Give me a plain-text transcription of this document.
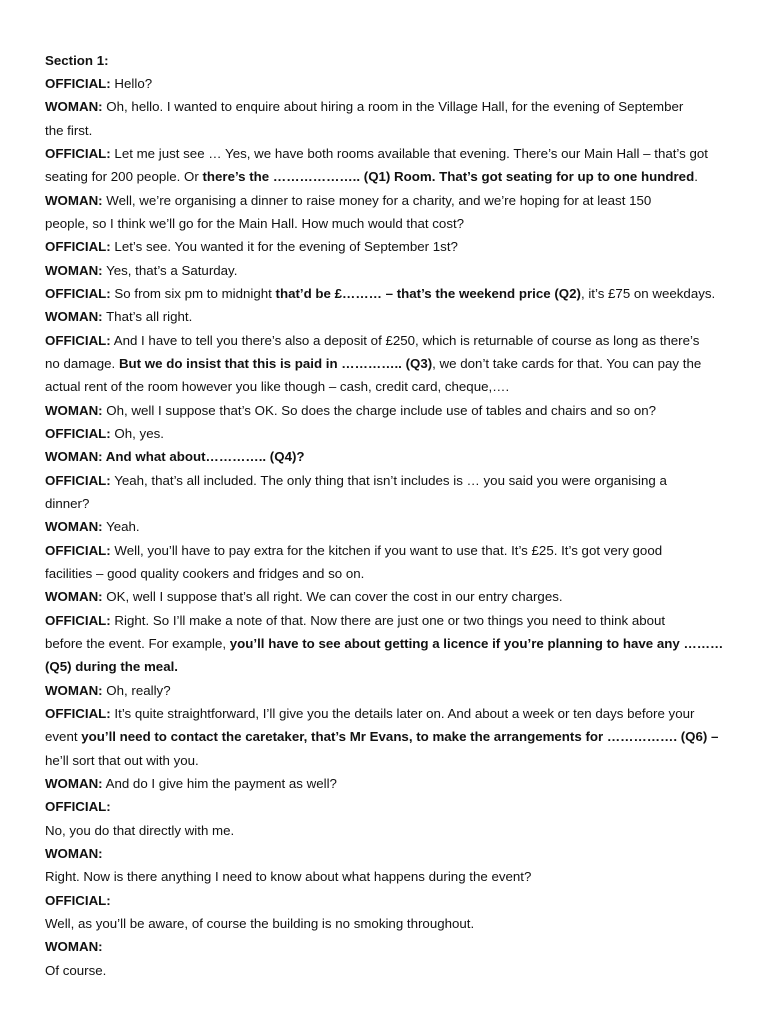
Section 1:
OFFICIAL: Hello?
WOMAN: Oh, hello. I wanted to enquire about hiring a room in the Village Hall, for the evening of September
the first.
OFFICIAL: Let me just see … Yes, we have both rooms available that evening. There’s our Main Hall – that’s got
seating for 200 people. Or there’s the ……………….. (Q1) Room. That’s got seating for up to one hundred.
WOMAN: Well, we’re organising a dinner to raise money for a charity, and we’re hoping for at least 150
people, so I think we’ll go for the Main Hall. How much would that cost?
OFFICIAL: Let’s see. You wanted it for the evening of September 1st?
WOMAN: Yes, that’s a Saturday.
OFFICIAL: So from six pm to midnight that’d be £……… – that’s the weekend price (Q2), it’s £75 on weekdays.
WOMAN: That’s all right.
OFFICIAL: And I have to tell you there’s also a deposit of £250, which is returnable of course as long as there’s
no damage. But we do insist that this is paid in ………….. (Q3), we don’t take cards for that. You can pay the
actual rent of the room however you like though – cash, credit card, cheque,….
WOMAN: Oh, well I suppose that’s OK. So does the charge include use of tables and chairs and so on?
OFFICIAL: Oh, yes.
WOMAN: And what about………….. (Q4)?
OFFICIAL: Yeah, that’s all included. The only thing that isn’t includes is … you said you were organising a
dinner?
WOMAN: Yeah.
OFFICIAL: Well, you’ll have to pay extra for the kitchen if you want to use that. It’s £25. It’s got very good
facilities – good quality cookers and fridges and so on.
WOMAN: OK, well I suppose that’s all right. We can cover the cost in our entry charges.
OFFICIAL: Right. So I’ll make a note of that. Now there are just one or two things you need to think about
before the event. For example, you’ll have to see about getting a licence if you’re planning to have any ………
(Q5) during the meal.
WOMAN: Oh, really?
OFFICIAL: It’s quite straightforward, I’ll give you the details later on. And about a week or ten days before your
event you’ll need to contact the caretaker, that’s Mr Evans, to make the arrangements for ……………. (Q6) –
he’ll sort that out with you.
WOMAN: And do I give him the payment as well?
OFFICIAL:
No, you do that directly with me.
WOMAN:
Right. Now is there anything I need to know about what happens during the event?
OFFICIAL:
Well, as you’ll be aware, of course the building is no smoking throughout.
WOMAN:
Of course.
